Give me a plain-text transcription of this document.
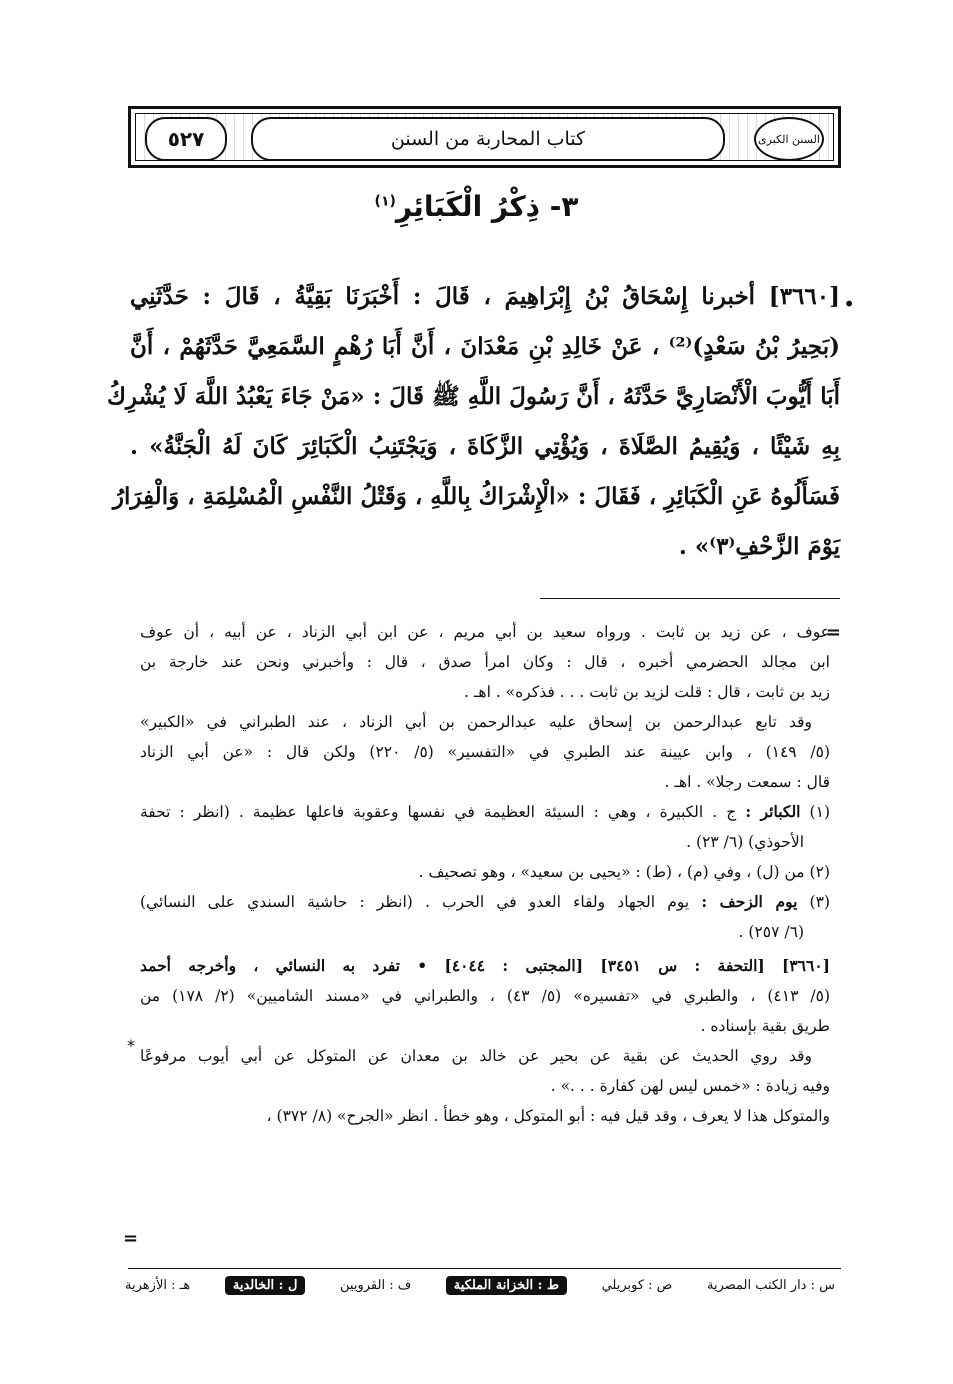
٥٢٧	كتاب المحاربة من السنن	السنن الكبرى
٣- ذِكْرُ الْكَبَائِرِ$^{(١)}$
•
[٣٦٦٠] أخبرنا إِسْحَاقُ بْنُ إِبْرَاهِيمَ ، قَالَ : أَخْبَرَنَا بَقِيَّةُ ، قَالَ : حَدَّثَنِي
(بَحِيرُ بْنُ سَعْدٍ)⁽²⁾ ، عَنْ خَالِدِ بْنِ مَعْدَانَ ، أَنَّ أَبَا رُهْمٍ السَّمَعِيَّ حَدَّثَهُمْ ، أَنَّ
أَبَا أَيُّوبَ الْأَنْصَارِيَّ حَدَّثَهُ ، أَنَّ رَسُولَ اللَّهِ ﷺ قَالَ : «مَنْ جَاءَ يَعْبُدُ اللَّهَ لَا يُشْرِكُ
بِهِ شَيْئًا ، وَيُقِيمُ الصَّلَاةَ ، وَيُؤْتِي الزَّكَاةَ ، وَيَجْتَنِبُ الْكَبَائِرَ كَانَ لَهُ الْجَنَّةُ» .
فَسَأَلُوهُ عَنِ الْكَبَائِرِ ، فَقَالَ : «الْإِشْرَاكُ بِاللَّهِ ، وَقَتْلُ النَّفْسِ الْمُسْلِمَةِ ، وَالْفِرَارُ
يَوْمَ الزَّحْفِ⁽٣⁾» .
=
عوف ، عن زيد بن ثابت . ورواه سعيد بن أبي مريم ، عن ابن أبي الزناد ، عن أبيه ، أن عوف
ابن مجالد الحضرمي أخبره ، قال : وكان امرأ صدق ، قال : وأخبرني ونحن عند خارجة بن
زيد بن ثابت ، قال : قلت لزيد بن ثابت . . . فذكره» . اهـ .
وقد تابع عبدالرحمن بن إسحاق عليه عبدالرحمن بن أبي الزناد ، عند الطبراني في «الكبير»
(٥/ ١٤٩) ، وابن عيينة عند الطبري في «التفسير» (٥/ ٢٢٠) ولكن قال : «عن أبي الزناد
قال : سمعت رجلا» . اهـ .
(١) الكبائر : ج . الكبيرة ، وهي : السيئة العظيمة في نفسها وعقوبة فاعلها عظيمة . (انظر : تحفة
الأحوذي) (٦/ ٢٣) .
(٢) من (ل) ، وفي (م) ، (ط) : «يحيى بن سعيد» ، وهو تصحيف .
(٣) يوم الزحف : يوم الجهاد ولقاء العدو في الحرب . (انظر : حاشية السندي على النسائي)
(٦/ ٢٥٧) .
[٣٦٦٠] [التحفة : س ٣٤٥١] [المجتبى : ٤٠٤٤] • تفرد به النسائي ، وأخرجه أحمد
(٥/ ٤١٣) ، والطبري في «تفسيره» (٥/ ٤٣) ، والطبراني في «مسند الشاميين» (٢/ ١٧٨) من
طريق بقية بإسناده .
وقد روي الحديث عن بقية عن بحير عن خالد بن معدان عن المتوكل عن أبي أيوب مرفوعًا
وفيه زيادة : «خمس ليس لهن كفارة . . .» .
والمتوكل هذا لا يعرف ، وقد قيل فيه : أبو المتوكل ، وهو خطأ . انظر «الجرح» (٨/ ٣٧٢) ،
*
=
س : دار الكتب المصرية
ص : كوبريلي
ط : الخزانة الملكية
ف : القرويين
ل : الخالدية
هـ : الأزهرية
